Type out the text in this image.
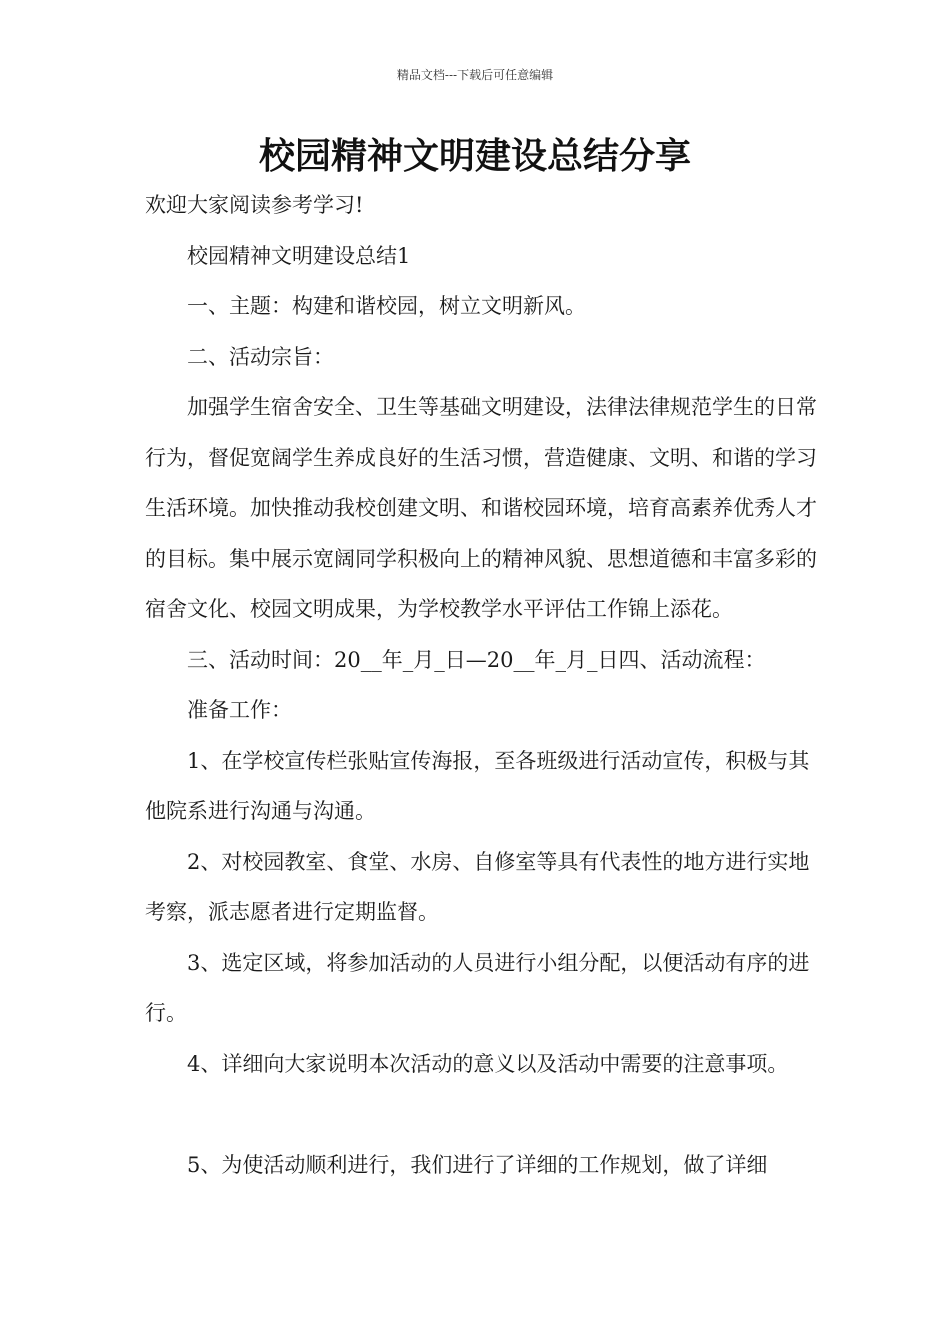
精品文档---下载后可任意编辑
校园精神文明建设总结分享

欢迎大家阅读参考学习!

校园精神文明建设总结1

一、主题：构建和谐校园，树立文明新风。

二、活动宗旨：

加强学生宿舍安全、卫生等基础文明建设，法律法律规范学生的日常行为，督促宽阔学生养成良好的生活习惯，营造健康、文明、和谐的学习生活环境。加快推动我校创建文明、和谐校园环境，培育高素养优秀人才的目标。集中展示宽阔同学积极向上的精神风貌、思想道德和丰富多彩的宿舍文化、校园文明成果，为学校教学水平评估工作锦上添花。

三、活动时间：20__年_月_日—20__年_月_日四、活动流程：

准备工作：

1、在学校宣传栏张贴宣传海报，至各班级进行活动宣传，积极与其他院系进行沟通与沟通。

2、对校园教室、食堂、水房、自修室等具有代表性的地方进行实地考察，派志愿者进行定期监督。

3、选定区域，将参加活动的人员进行小组分配，以便活动有序的进行。

4、详细向大家说明本次活动的意义以及活动中需要的注意事项。

5、为使活动顺利进行，我们进行了详细的工作规划，做了详细
